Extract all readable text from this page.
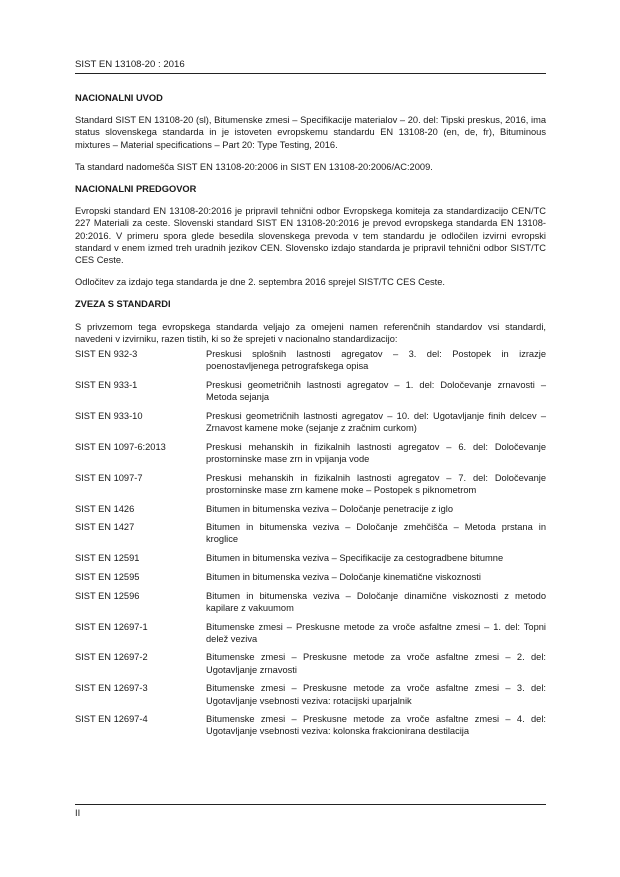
SIST EN 13108-20 : 2016
NACIONALNI UVOD

Standard SIST EN 13108-20 (sl), Bitumenske zmesi – Specifikacije materialov – 20. del: Tipski preskus, 2016, ima status slovenskega standarda in je istoveten evropskemu standardu EN 13108-20 (en, de, fr), Bituminous mixtures – Material specifications – Part 20: Type Testing, 2016.

Ta standard nadomešča SIST EN 13108-20:2006 in SIST EN 13108-20:2006/AC:2009.

NACIONALNI PREDGOVOR

Evropski standard EN 13108-20:2016 je pripravil tehnični odbor Evropskega komiteja za standardizacijo CEN/TC 227 Materiali za ceste. Slovenski standard SIST EN 13108-20:2016 je prevod evropskega standarda EN 13108-20:2016. V primeru spora glede besedila slovenskega prevoda v tem standardu je odločilen izvirni evropski standard v enem izmed treh uradnih jezikov CEN. Slovensko izdajo standarda je pripravil tehnični odbor SIST/TC CES Ceste.

Odločitev za izdajo tega standarda je dne 2. septembra 2016 sprejel SIST/TC CES Ceste.

ZVEZA S STANDARDI

S privzemom tega evropskega standarda veljajo za omejeni namen referenčnih standardov vsi standardi, navedeni v izvirniku, razen tistih, ki so že sprejeti v nacionalno standardizacijo:

SIST EN 932-3	Preskusi splošnih lastnosti agregatov – 3. del: Postopek in izrazje poenostavljenega petrografskega opisa
SIST EN 933-1	Preskusi geometričnih lastnosti agregatov – 1. del: Določevanje zrnavosti – Metoda sejanja
SIST EN 933-10	Preskusi geometričnih lastnosti agregatov – 10. del: Ugotavljanje finih delcev – Zrnavost kamene moke (sejanje z zračnim curkom)
SIST EN 1097-6:2013	Preskusi mehanskih in fizikalnih lastnosti agregatov – 6. del: Določevanje prostorninske mase zrn in vpijanja vode
SIST EN 1097-7	Preskusi mehanskih in fizikalnih lastnosti agregatov – 7. del: Določevanje prostorninske mase zrn kamene moke – Postopek s piknometrom
SIST EN 1426	Bitumen in bitumenska veziva – Določanje penetracije z iglo
SIST EN 1427	Bitumen in bitumenska veziva – Določanje zmehčišča – Metoda prstana in kroglice
SIST EN 12591	Bitumen in bitumenska veziva – Specifikacije za cestogradbene bitumne
SIST EN 12595	Bitumen in bitumenska veziva – Določanje kinematične viskoznosti
SIST EN 12596	Bitumen in bitumenska veziva – Določanje dinamične viskoznosti z metodo kapilare z vakuumom
SIST EN 12697-1	Bitumenske zmesi – Preskusne metode za vroče asfaltne zmesi – 1. del: Topni delež veziva
SIST EN 12697-2	Bitumenske zmesi – Preskusne metode za vroče asfaltne zmesi – 2. del: Ugotavljanje zrnavosti
SIST EN 12697-3	Bitumenske zmesi – Preskusne metode za vroče asfaltne zmesi – 3. del: Ugotavljanje vsebnosti veziva: rotacijski uparjalnik
SIST EN 12697-4	Bitumenske zmesi – Preskusne metode za vroče asfaltne zmesi – 4. del: Ugotavljanje vsebnosti veziva: kolonska frakcionirana destilacija
II
